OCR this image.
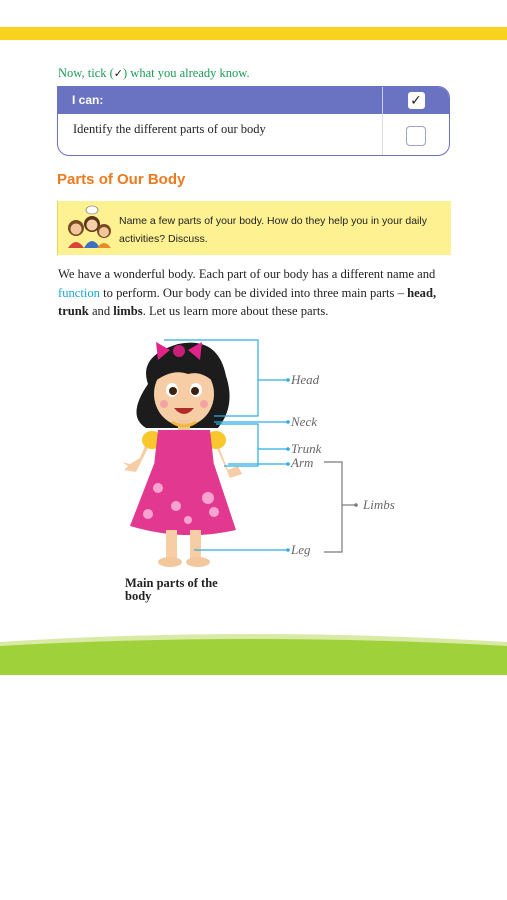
Now, tick (✓) what you already know.
I can:	✓
Identify the different parts of our body
Parts of Our Body
Name a few parts of your body. How do they help you in your daily activities? Discuss.
We have a wonderful body. Each part of our body has a different name and function to perform. Our body can be divided into three main parts – head, trunk and limbs. Let us learn more about these parts.
Head
Neck
Trunk
Arm
Limbs
Leg
Main parts of the
body
